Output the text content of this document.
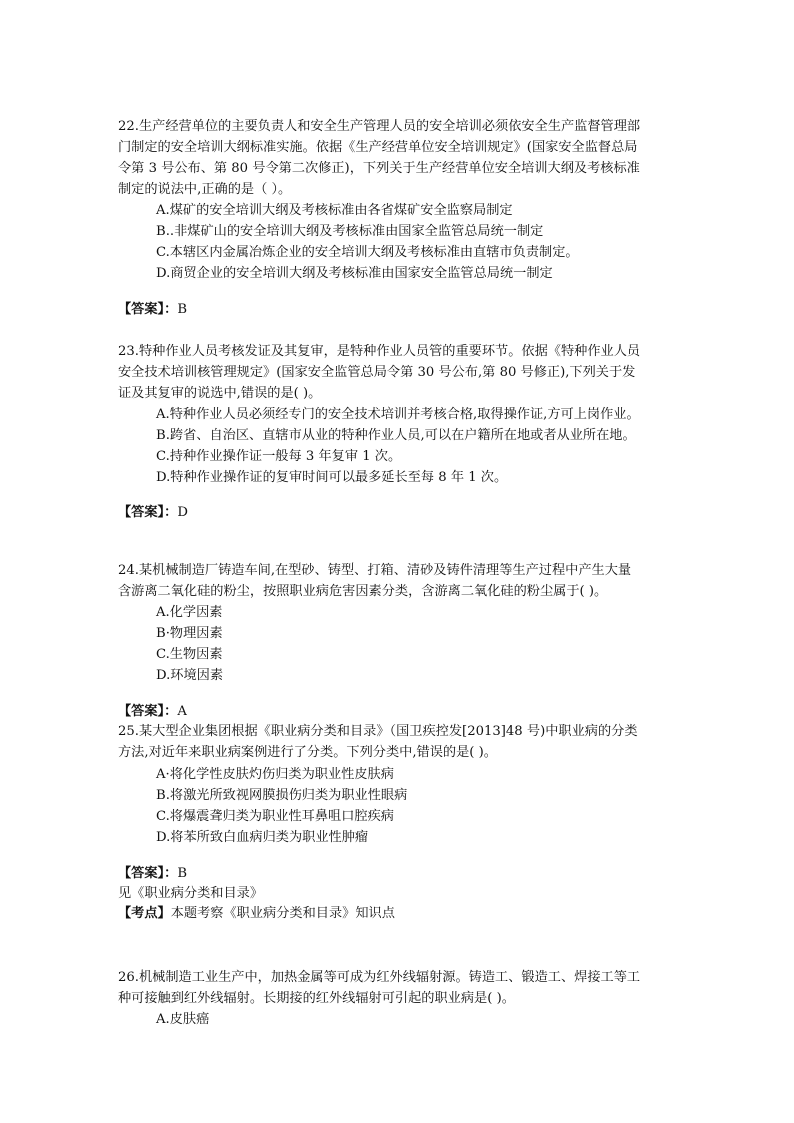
22.生产经营单位的主要负责人和安全生产管理人员的安全培训必须依安全生产监督管理部
门制定的安全培训大纲标准实施。依据《生产经营单位安全培训规定》(国家安全监督总局
令第 3 号公布、第 80 号令第二次修正)，下列关于生产经营单位安全培训大纲及考核标准
制定的说法中,正确的是（ ）。
A.煤矿的安全培训大纲及考核标准由各省煤矿安全监察局制定
B..非煤矿山的安全培训大纲及考核标准由国家全监管总局统一制定
C.本辖区内金属冶炼企业的安全培训大纲及考核标准由直辖市负责制定。
D.商贸企业的安全培训大纲及考核标准由国家安全监管总局统一制定
【答案】：B
23.特种作业人员考核发证及其复审，是特种作业人员管的重要环节。依据《特种作业人员
安全技术培训核管理规定》(国家安全监管总局令第 30 号公布,第 80 号修正),下列关于发
证及其复审的说选中,错误的是( )。
A.特种作业人员必须经专门的安全技术培训并考核合格,取得操作证,方可上岗作业。
B.跨省、自治区、直辖市从业的特种作业人员,可以在户籍所在地或者从业所在地。
C.持种作业操作证一般每 3 年复审 1 次。
D.特种作业操作证的复审时间可以最多延长至每 8 年 1 次。
【答案】：D
24.某机械制造厂铸造车间,在型砂、铸型、打箱、清砂及铸件清理等生产过程中产生大量
含游离二氧化硅的粉尘，按照职业病危害因素分类，含游离二氧化硅的粉尘属于( )。
A.化学因素
B·物理因素
C.生物因素
D.环境因素
【答案】：A
25.某大型企业集团根据《职业病分类和目录》（国卫疾控发[2013]48 号)中职业病的分类
方法,对近年来职业病案例进行了分类。下列分类中,错误的是( )。
A·将化学性皮肤灼伤归类为职业性皮肤病
B.将激光所致视网膜损伤归类为职业性眼病
C.将爆震聋归类为职业性耳鼻咀口腔疾病
D.将苯所致白血病归类为职业性肿瘤
【答案】：B
见《职业病分类和目录》
【考点】本题考察《职业病分类和目录》知识点
26.机械制造工业生产中，加热金属等可成为红外线辐射源。铸造工、锻造工、焊接工等工
种可接触到红外线辐射。长期接的红外线辐射可引起的职业病是( )。
A.皮肤癌
